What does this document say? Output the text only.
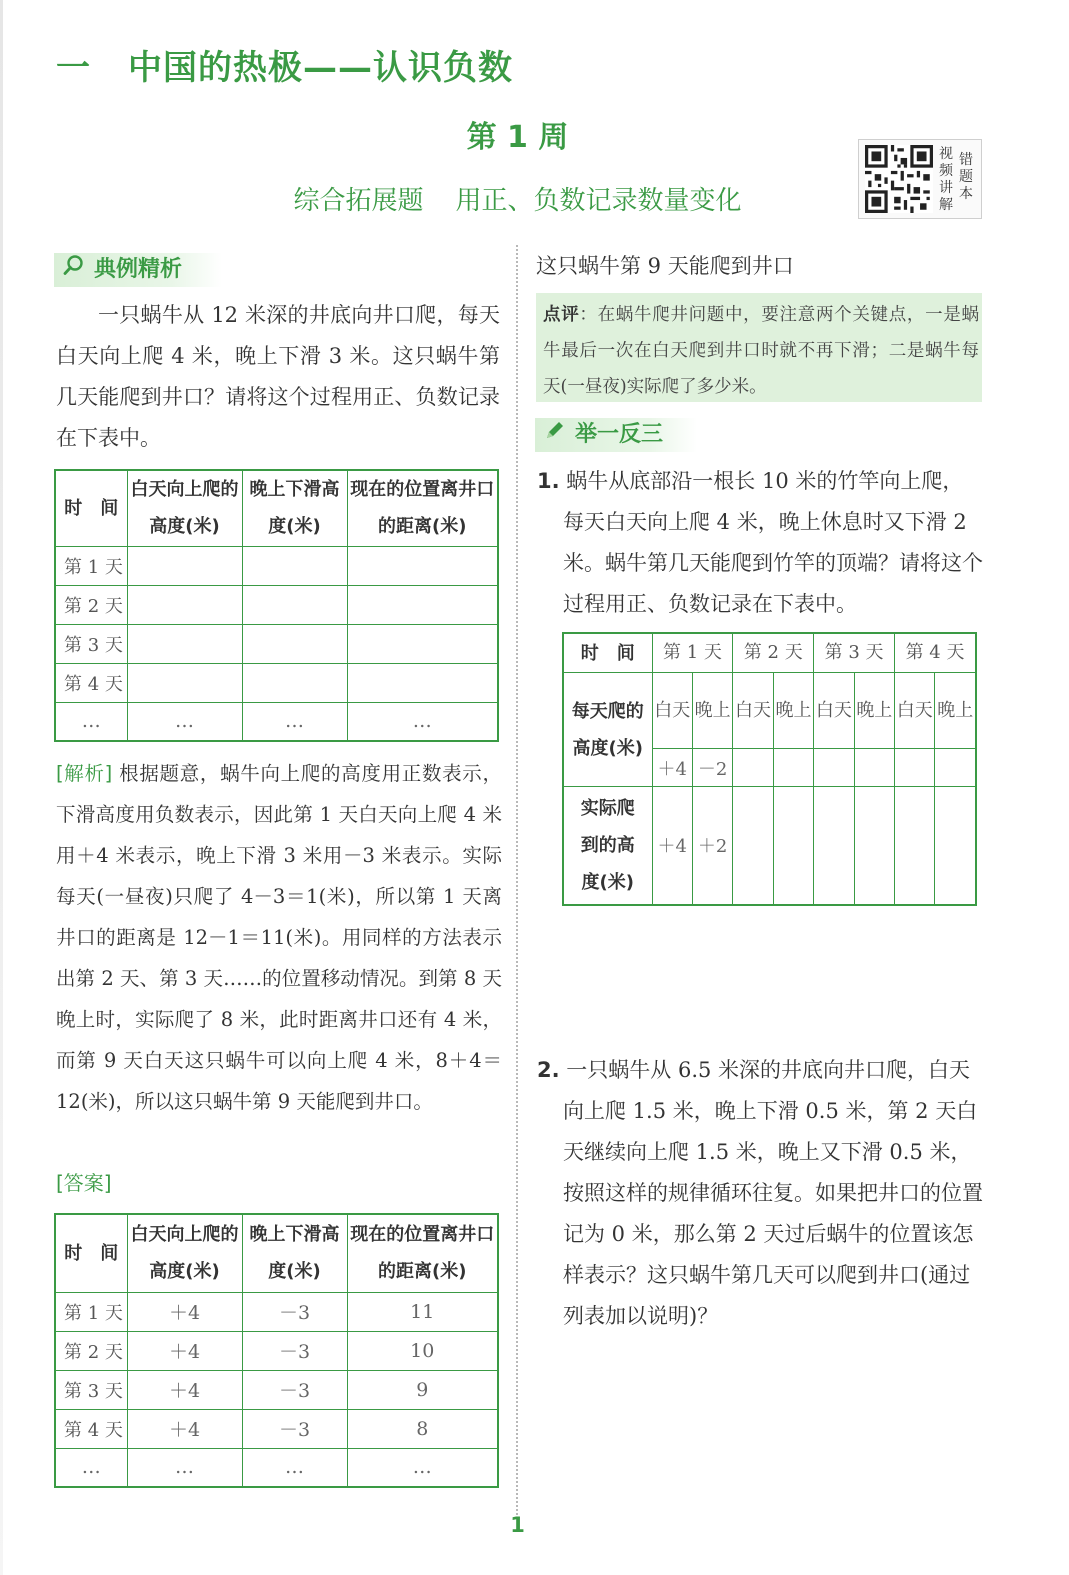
一 中国的热极——认识负数
第 1 周
综合拓展题 用正、负数记录数量变化
视频讲解
错题本
典例精析
一只蜗牛从 12 米深的井底向井口爬，每天白天向上爬 4 米，晚上下滑 3 米。这只蜗牛第几天能爬到井口？请将这个过程用正、负数记录在下表中。
时　间	白天向上爬的高度(米)	晚上下滑高度(米)	现在的位置离井口的距离(米)
第 1 天			
第 2 天			
第 3 天			
第 4 天			
…	…	…	…
[解析] 根据题意，蜗牛向上爬的高度用正数表示，下滑高度用负数表示，因此第 1 天白天向上爬 4 米用＋4 米表示，晚上下滑 3 米用－3 米表示。实际每天(一昼夜)只爬了 4－3＝1(米)，所以第 1 天离井口的距离是 12－1＝11(米)。用同样的方法表示出第 2 天、第 3 天……的位置移动情况。到第 8 天晚上时，实际爬了 8 米，此时距离井口还有 4 米，而第 9 天白天这只蜗牛可以向上爬 4 米，8＋4＝12(米)，所以这只蜗牛第 9 天能爬到井口。
[答案]
时　间	白天向上爬的高度(米)	晚上下滑高度(米)	现在的位置离井口的距离(米)
第 1 天	＋4	－3	11
第 2 天	＋4	－3	10
第 3 天	＋4	－3	9
第 4 天	＋4	－3	8
…	…	…	…
这只蜗牛第 9 天能爬到井口
点评：在蜗牛爬井问题中，要注意两个关键点，一是蜗牛最后一次在白天爬到井口时就不再下滑；二是蜗牛每天(一昼夜)实际爬了多少米。
举一反三
1. 蜗牛从底部沿一根长 10 米的竹竿向上爬，每天白天向上爬 4 米，晚上休息时又下滑 2 米。蜗牛第几天能爬到竹竿的顶端？请将这个过程用正、负数记录在下表中。
时　间	第 1 天		第 2 天		第 3 天		第 4 天	
每天爬的高度(米)	白天	晚上	白天	晚上	白天	晚上	白天	晚上
	＋4	－2						
实际爬到的高度(米)	＋4	＋2						
2. 一只蜗牛从 6.5 米深的井底向井口爬，白天向上爬 1.5 米，晚上下滑 0.5 米，第 2 天白天继续向上爬 1.5 米，晚上又下滑 0.5 米，按照这样的规律循环往复。如果把井口的位置记为 0 米，那么第 2 天过后蜗牛的位置该怎样表示？这只蜗牛第几天可以爬到井口(通过列表加以说明)？
1
